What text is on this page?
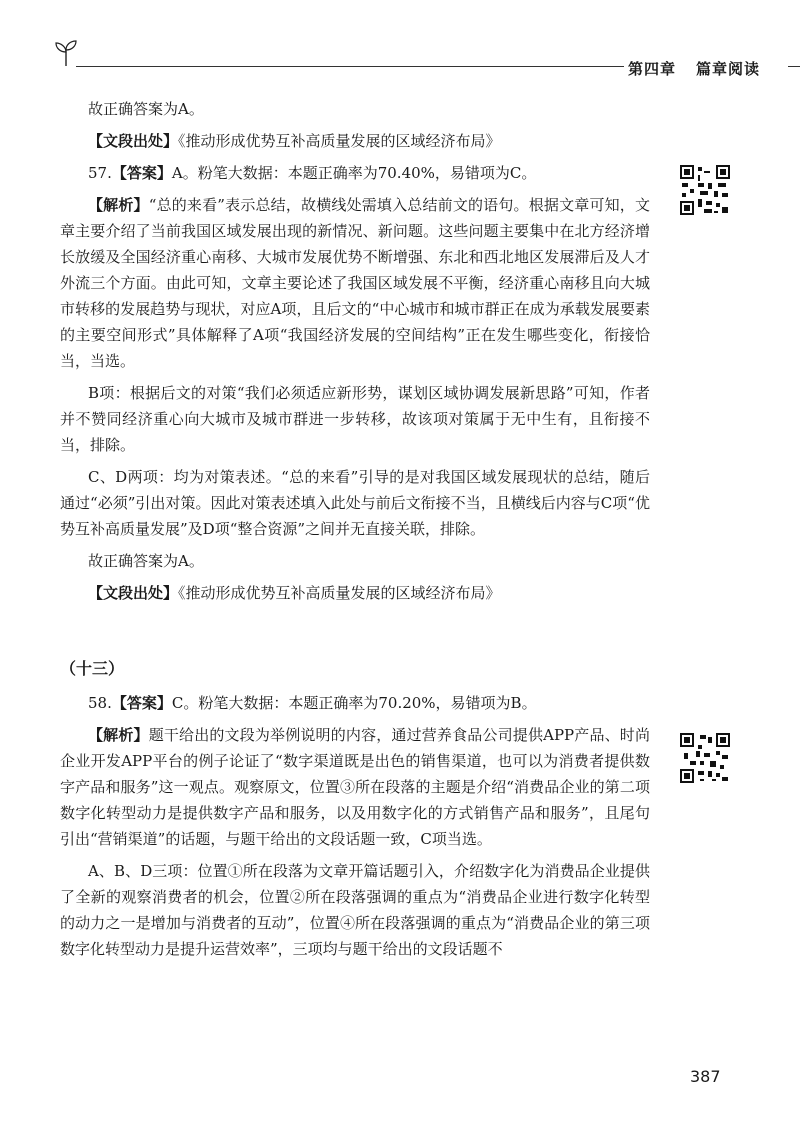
第四章 篇章阅读

故正确答案为A。

【文段出处】《推动形成优势互补高质量发展的区域经济布局》

57.【答案】A。粉笔大数据：本题正确率为70.40%，易错项为C。

【解析】“总的来看”表示总结，故横线处需填入总结前文的语句。根据文章可知，文章主要介绍了当前我国区域发展出现的新情况、新问题。这些问题主要集中在北方经济增长放缓及全国经济重心南移、大城市发展优势不断增强、东北和西北地区发展滞后及人才外流三个方面。由此可知，文章主要论述了我国区域发展不平衡，经济重心南移且向大城市转移的发展趋势与现状，对应A项，且后文的“中心城市和城市群正在成为承载发展要素的主要空间形式”具体解释了A项“我国经济发展的空间结构”正在发生哪些变化，衔接恰当，当选。

B项：根据后文的对策“我们必须适应新形势，谋划区域协调发展新思路”可知，作者并不赞同经济重心向大城市及城市群进一步转移，故该项对策属于无中生有，且衔接不当，排除。

C、D两项：均为对策表述。“总的来看”引导的是对我国区域发展现状的总结，随后通过“必须”引出对策。因此对策表述填入此处与前后文衔接不当，且横线后内容与C项“优势互补高质量发展”及D项“整合资源”之间并无直接关联，排除。

故正确答案为A。

【文段出处】《推动形成优势互补高质量发展的区域经济布局》

（十三）

58.【答案】C。粉笔大数据：本题正确率为70.20%，易错项为B。

【解析】题干给出的文段为举例说明的内容，通过营养食品公司提供APP产品、时尚企业开发APP平台的例子论证了“数字渠道既是出色的销售渠道，也可以为消费者提供数字产品和服务”这一观点。观察原文，位置③所在段落的主题是介绍“消费品企业的第二项数字化转型动力是提供数字产品和服务，以及用数字化的方式销售产品和服务”，且尾句引出“营销渠道”的话题，与题干给出的文段话题一致，C项当选。

A、B、D三项：位置①所在段落为文章开篇话题引入，介绍数字化为消费品企业提供了全新的观察消费者的机会，位置②所在段落强调的重点为“消费品企业进行数字化转型的动力之一是增加与消费者的互动”，位置④所在段落强调的重点为“消费品企业的第三项数字化转型动力是提升运营效率”，三项均与题干给出的文段话题不

387
